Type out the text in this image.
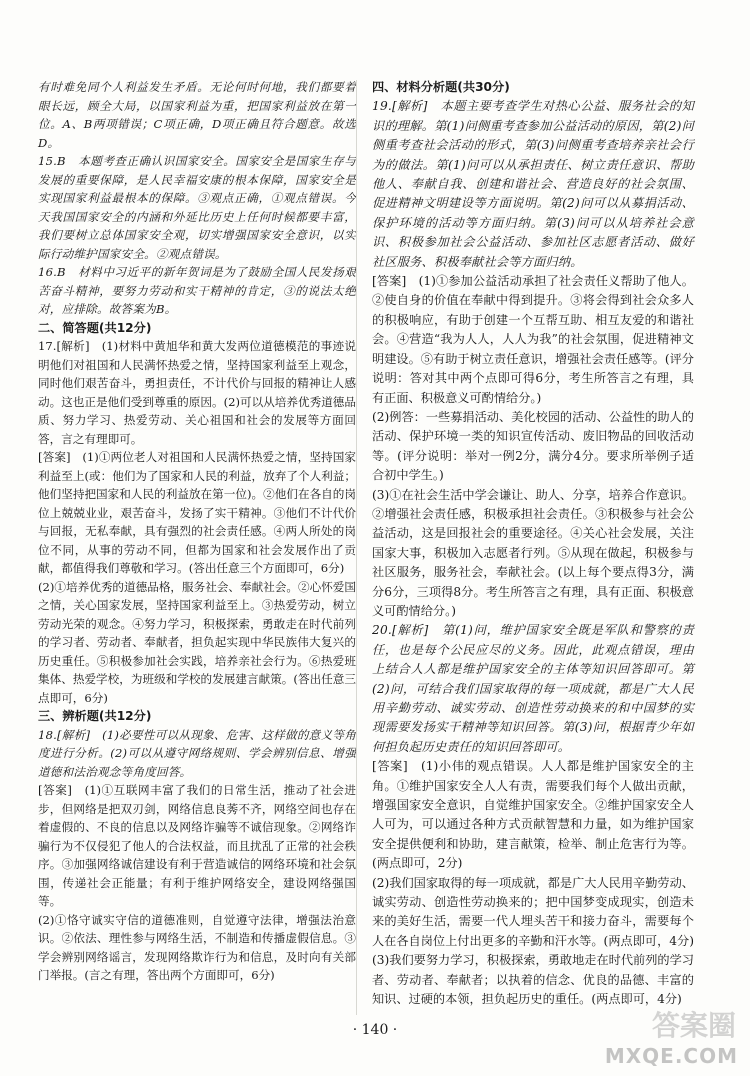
有时难免同个人利益发生矛盾。无论何时何地，我们都要着眼长远，顾全大局，以国家利益为重，把国家利益放在第一位。A、B两项错误；C项正确，D项正确且符合题意。故选D。

15.B　本题考查正确认识国家安全。国家安全是国家生存与发展的重要保障，是人民幸福安康的根本保障，国家安全是实现国家利益最根本的保障。③观点正确，①观点错误。今天我国国家安全的内涵和外延比历史上任何时候都要丰富，我们要树立总体国家安全观，切实增强国家安全意识，以实际行动维护国家安全。②观点错误。

16.B　材料中习近平的新年贺词是为了鼓励全国人民发扬艰苦奋斗精神，要努力劳动和实干精神的肯定，③的说法太绝对，应排除。故答案为B。

二、简答题(共12分)

17.[解析]　(1)材料中黄旭华和黄大发两位道德模范的事迹说明他们对祖国和人民满怀热爱之情，坚持国家利益至上观念，同时他们艰苦奋斗，勇担责任，不计代价与回报的精神让人感动。这也正是他们受到尊重的原因。(2)可以从培养优秀道德品质、努力学习、热爱劳动、关心祖国和社会的发展等方面回答，言之有理即可。

[答案]　(1)①两位老人对祖国和人民满怀热爱之情，坚持国家利益至上(或：他们为了国家和人民的利益，放弃了个人利益；他们坚持把国家和人民的利益放在第一位)。②他们在各自的岗位上兢兢业业，艰苦奋斗，发扬了实干精神。③他们不计代价与回报，无私奉献，具有强烈的社会责任感。④两人所处的岗位不同，从事的劳动不同，但都为国家和社会发展作出了贡献，都值得我们尊敬和学习。(答出任意三个方面即可，6分)

(2)①培养优秀的道德品格，服务社会、奉献社会。②心怀爱国之情，关心国家发展，坚持国家利益至上。③热爱劳动，树立劳动光荣的观念。④努力学习，积极探索，勇敢走在时代前列的学习者、劳动者、奉献者，担负起实现中华民族伟大复兴的历史重任。⑤积极参加社会实践，培养亲社会行为。⑥热爱班集体、热爱学校，为班级和学校的发展建言献策。(答出任意三点即可，6分)

三、辨析题(共12分)

18.[解析]　(1)必要性可以从现象、危害、这样做的意义等角度进行分析。(2)可以从遵守网络规则、学会辨别信息、增强道德和法治观念等角度回答。

[答案]　(1)①互联网丰富了我们的日常生活，推动了社会进步，但网络是把双刃剑，网络信息良莠不齐，网络空间也存在着虚假的、不良的信息以及网络诈骗等不诚信现象。②网络诈骗行为不仅侵犯了他人的合法权益，而且扰乱了正常的社会秩序。③加强网络诚信建设有利于营造诚信的网络环境和社会氛围，传递社会正能量；有利于维护网络安全，建设网络强国等。

(2)①恪守诚实守信的道德准则，自觉遵守法律，增强法治意识。②依法、理性参与网络生活，不制造和传播虚假信息。③学会辨别网络谣言，发现网络欺诈行为和信息，及时向有关部门举报。(言之有理，答出两个方面即可，6分)

四、材料分析题(共30分)

19.[解析]　本题主要考查学生对热心公益、服务社会的知识的理解。第(1)问侧重考查参加公益活动的原因，第(2)问侧重考查社会活动的形式，第(3)问侧重考查培养亲社会行为的做法。第(1)问可以从承担责任、树立责任意识、帮助他人、奉献自我、创建和谐社会、营造良好的社会氛围、促进精神文明建设等方面说明。第(2)问可以从募捐活动、保护环境的活动等方面归纳。第(3)问可以从培养社会意识、积极参加社会公益活动、参加社区志愿者活动、做好社区服务、积极奉献社会等方面归纳。

[答案]　(1)①参加公益活动承担了社会责任义帮助了他人。②使自身的价值在奉献中得到提升。③将会得到社会众多人的积极响应，有助于创建一个互帮互助、相互友爱的和谐社会。④营造“我为人人，人人为我”的社会氛围，促进精神文明建设。⑤有助于树立责任意识，增强社会责任感等。(评分说明：答对其中两个点即可得6分，考生所答言之有理，具有正面、积极意义可酌情给分。)

(2)例答：一些募捐活动、美化校园的活动、公益性的助人的活动、保护环境一类的知识宣传活动、废旧物品的回收活动等。(评分说明：举对一例2分，满分4分。要求所举例子适合初中学生。)

(3)①在社会生活中学会谦让、助人、分享，培养合作意识。②增强社会责任感，积极承担社会责任。③积极参与社会公益活动，这是回报社会的重要途径。④关心社会发展，关注国家大事，积极加入志愿者行列。⑤从现在做起，积极参与社区服务，服务社会，奉献社会。(以上每个要点得3分，满分6分，三项得8分。考生所答言之有理，具有正面、积极意义可酌情给分。)

20.[解析]　第(1)问，维护国家安全既是军队和警察的责任，也是每个公民应尽的义务。因此，此观点错误，理由上结合人人都是维护国家安全的主体等知识回答即可。第(2)问，可结合我们国家取得的每一项成就，都是广大人民用辛勤劳动、诚实劳动、创造性劳动换来的和中国梦的实现需要发扬实干精神等知识回答。第(3)问，根据青少年如何担负起历史责任的知识回答即可。

[答案]　(1)小伟的观点错误。人人都是维护国家安全的主角。①维护国家安全人人有责，需要我们每个人做出贡献，增强国家安全意识，自觉维护国家安全。②维护国家安全人人可为，可以通过各种方式贡献智慧和力量，如为维护国家安全提供便利和协助，建言献策，检举、制止危害行为等。(两点即可，2分)

(2)我们国家取得的每一项成就，都是广大人民用辛勤劳动、诚实劳动、创造性劳动换来的；把中国梦变成现实，创造未来的美好生活，需要一代人埋头苦干和接力奋斗，需要每个人在各自岗位上付出更多的辛勤和汗水等。(两点即可，4分)

(3)我们要努力学习，积极探索，勇敢地走在时代前列的学习者、劳动者、奉献者；以执着的信念、优良的品德、丰富的知识、过硬的本领，担负起历史的重任。(两点即可，4分)

· 140 ·	答案圈
MXQE.COM
